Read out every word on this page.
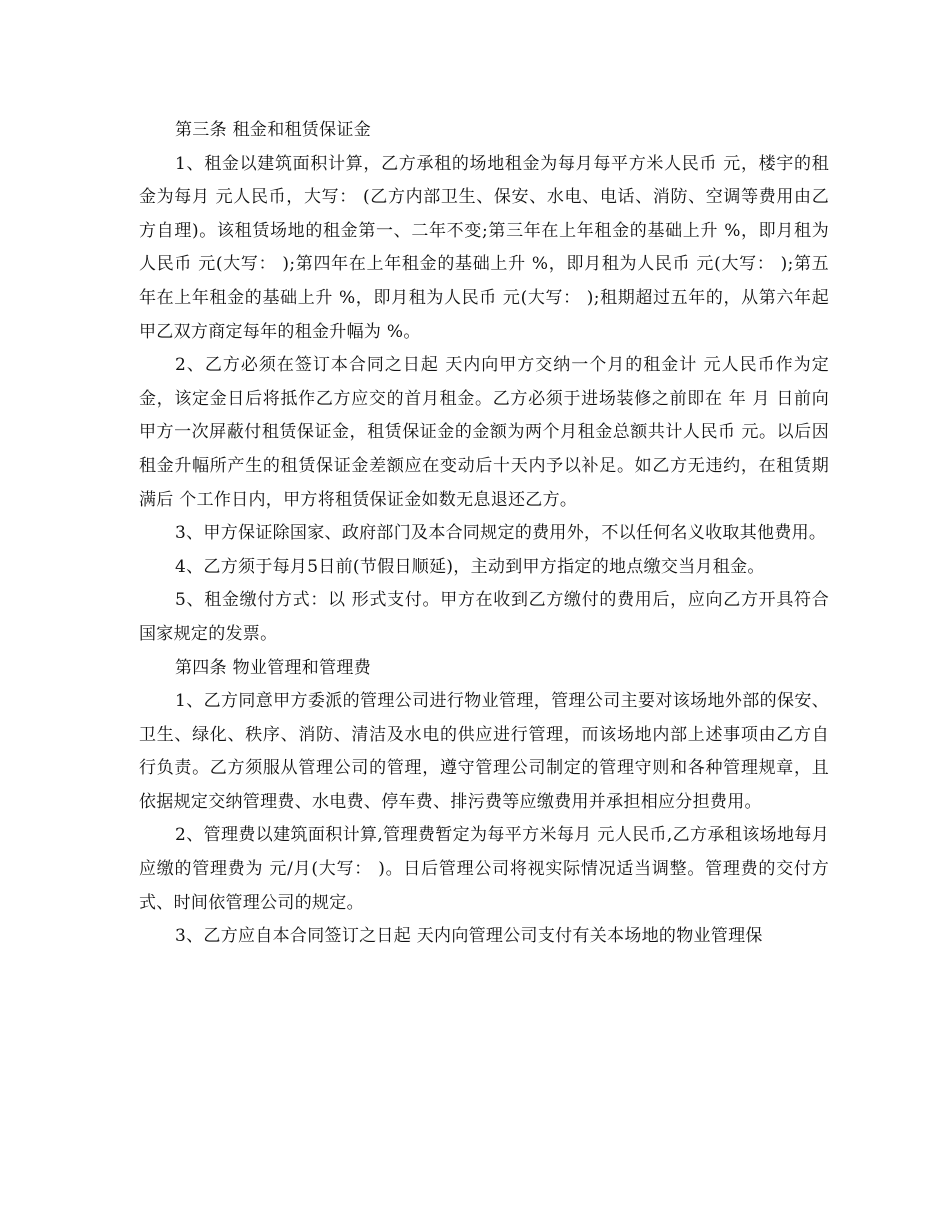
第三条 租金和租赁保证金

1、租金以建筑面积计算，乙方承租的场地租金为每月每平方米人民币 元，楼宇的租金为每月 元人民币，大写： (乙方内部卫生、保安、水电、电话、消防、空调等费用由乙方自理)。该租赁场地的租金第一、二年不变;第三年在上年租金的基础上升 %，即月租为人民币 元(大写： );第四年在上年租金的基础上升 %，即月租为人民币 元(大写： );第五年在上年租金的基础上升 %，即月租为人民币 元(大写： );租期超过五年的，从第六年起甲乙双方商定每年的租金升幅为 %。

2、乙方必须在签订本合同之日起 天内向甲方交纳一个月的租金计 元人民币作为定金，该定金日后将抵作乙方应交的首月租金。乙方必须于进场装修之前即在 年 月 日前向甲方一次屏蔽付租赁保证金，租赁保证金的金额为两个月租金总额共计人民币 元。以后因租金升幅所产生的租赁保证金差额应在变动后十天内予以补足。如乙方无违约，在租赁期满后 个工作日内，甲方将租赁保证金如数无息退还乙方。

3、甲方保证除国家、政府部门及本合同规定的费用外，不以任何名义收取其他费用。

4、乙方须于每月5日前(节假日顺延)，主动到甲方指定的地点缴交当月租金。

5、租金缴付方式：以 形式支付。甲方在收到乙方缴付的费用后，应向乙方开具符合国家规定的发票。

第四条 物业管理和管理费

1、乙方同意甲方委派的管理公司进行物业管理，管理公司主要对该场地外部的保安、卫生、绿化、秩序、消防、清洁及水电的供应进行管理，而该场地内部上述事项由乙方自行负责。乙方须服从管理公司的管理，遵守管理公司制定的管理守则和各种管理规章，且依据规定交纳管理费、水电费、停车费、排污费等应缴费用并承担相应分担费用。

2、管理费以建筑面积计算,管理费暂定为每平方米每月 元人民币,乙方承租该场地每月应缴的管理费为 元/月(大写： )。日后管理公司将视实际情况适当调整。管理费的交付方式、时间依管理公司的规定。

3、乙方应自本合同签订之日起 天内向管理公司支付有关本场地的物业管理保
